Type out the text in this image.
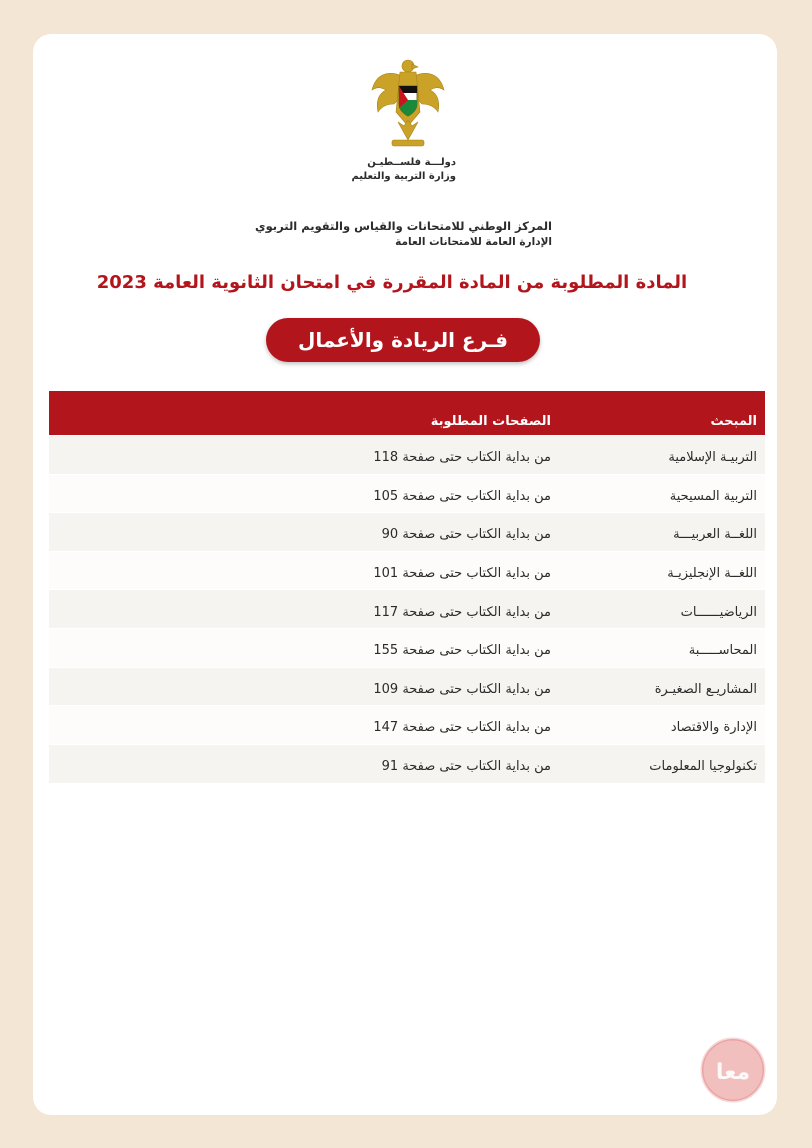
دولـــة فلســطيـن
وزارة التربية والتعليم
المركز الوطني للامتحانات والقياس والتقويم التربوي
الإدارة العامة للامتحانات العامة
المادة المطلوبة من المادة المقررة في امتحان الثانوية العامة 2023
فـرع الريادة والأعمال
المبحث	الصفحات المطلوبة
التربيـة الإسلامية	من بداية الكتاب حتى صفحة 118
التربية المسيحية	من بداية الكتاب حتى صفحة 105
اللغــة العربيـــة	من بداية الكتاب حتى صفحة 90
اللغــة الإنجليزيـة	من بداية الكتاب حتى صفحة 101
الرياضيــــــات	من بداية الكتاب حتى صفحة 117
المحاســـــبة	من بداية الكتاب حتى صفحة 155
المشاريـع الصغيـرة	من بداية الكتاب حتى صفحة 109
الإدارة والاقتصاد	من بداية الكتاب حتى صفحة 147
تكنولوجيا المعلومات	من بداية الكتاب حتى صفحة 91
معا
